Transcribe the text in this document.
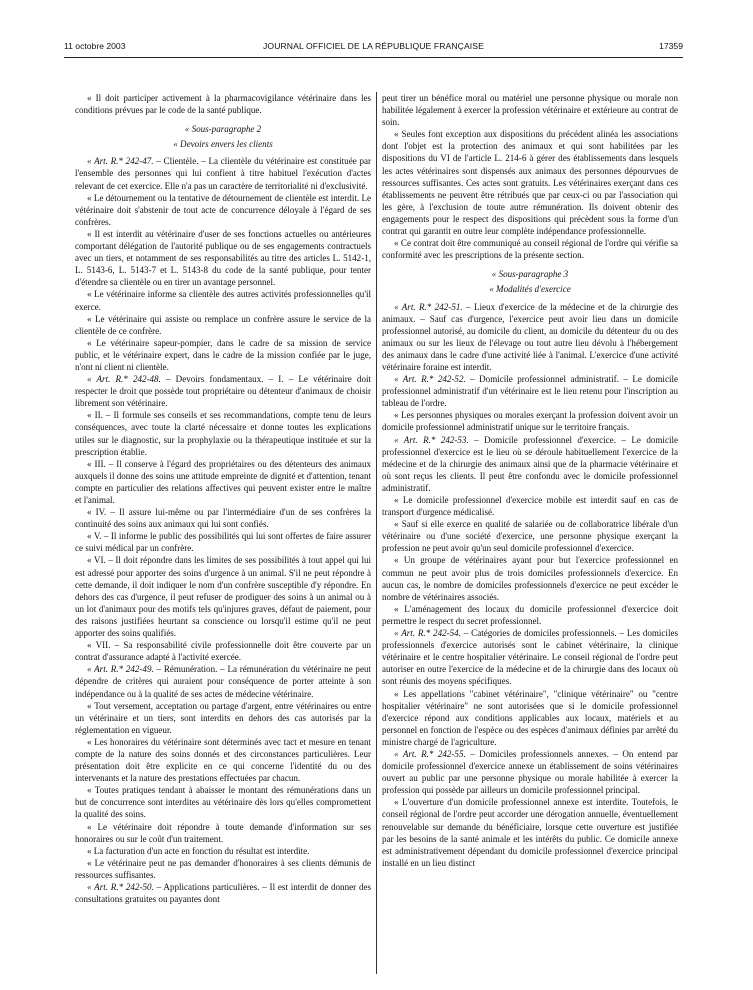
11 octobre 2003	JOURNAL OFFICIEL DE LA RÉPUBLIQUE FRANÇAISE	17359

« Il doit participer activement à la pharmacovigilance vétérinaire dans les conditions prévues par le code de la santé publique.

« Sous-paragraphe 2

« Devoirs envers les clients

« Art. R.* 242-47. – Clientèle. – La clientèle du vétérinaire est constituée par l'ensemble des personnes qui lui confient à titre habituel l'exécution d'actes relevant de cet exercice. Elle n'a pas un caractère de territorialité ni d'exclusivité.

« Le détournement ou la tentative de détournement de clientèle est interdit. Le vétérinaire doit s'abstenir de tout acte de concurrence déloyale à l'égard de ses confrères.

« Il est interdit au vétérinaire d'user de ses fonctions actuelles ou antérieures comportant délégation de l'autorité publique ou de ses engagements contractuels avec un tiers, et notamment de ses responsabilités au titre des articles L. 5142-1, L. 5143-6, L. 5143-7 et L. 5143-8 du code de la santé publique, pour tenter d'étendre sa clientèle ou en tirer un avantage personnel.

« Le vétérinaire informe sa clientèle des autres activités professionnelles qu'il exerce.

« Le vétérinaire qui assiste ou remplace un confrère assure le service de la clientèle de ce confrère.

« Le vétérinaire sapeur-pompier, dans le cadre de sa mission de service public, et le vétérinaire expert, dans le cadre de la mission confiée par le juge, n'ont ni client ni clientèle.

« Art. R.* 242-48. – Devoirs fondamentaux. – I. – Le vétérinaire doit respecter le droit que possède tout propriétaire ou détenteur d'animaux de choisir librement son vétérinaire.

« II. – Il formule ses conseils et ses recommandations, compte tenu de leurs conséquences, avec toute la clarté nécessaire et donne toutes les explications utiles sur le diagnostic, sur la prophylaxie ou la thérapeutique instituée et sur la prescription établie.

« III. – Il conserve à l'égard des propriétaires ou des détenteurs des animaux auxquels il donne des soins une attitude empreinte de dignité et d'attention, tenant compte en particulier des relations affectives qui peuvent exister entre le maître et l'animal.

« IV. – Il assure lui-même ou par l'intermédiaire d'un de ses confrères la continuité des soins aux animaux qui lui sont confiés.

« V. – Il informe le public des possibilités qui lui sont offertes de faire assurer ce suivi médical par un confrère.

« VI. – Il doit répondre dans les limites de ses possibilités à tout appel qui lui est adressé pour apporter des soins d'urgence à un animal. S'il ne peut répondre à cette demande, il doit indiquer le nom d'un confrère susceptible d'y répondre. En dehors des cas d'urgence, il peut refuser de prodiguer des soins à un animal ou à un lot d'animaux pour des motifs tels qu'injures graves, défaut de paiement, pour des raisons justifiées heurtant sa conscience ou lorsqu'il estime qu'il ne peut apporter des soins qualifiés.

« VII. – Sa responsabilité civile professionnelle doit être couverte par un contrat d'assurance adapté à l'activité exercée.

« Art. R.* 242-49. – Rémunération. – La rémunération du vétérinaire ne peut dépendre de critères qui auraient pour conséquence de porter atteinte à son indépendance ou à la qualité de ses actes de médecine vétérinaire.

« Tout versement, acceptation ou partage d'argent, entre vétérinaires ou entre un vétérinaire et un tiers, sont interdits en dehors des cas autorisés par la réglementation en vigueur.

« Les honoraires du vétérinaire sont déterminés avec tact et mesure en tenant compte de la nature des soins donnés et des circonstances particulières. Leur présentation doit être explicite en ce qui concerne l'identité du ou des intervenants et la nature des prestations effectuées par chacun.

« Toutes pratiques tendant à abaisser le montant des rémunérations dans un but de concurrence sont interdites au vétérinaire dès lors qu'elles compromettent la qualité des soins.

« Le vétérinaire doit répondre à toute demande d'information sur ses honoraires ou sur le coût d'un traitement.

« La facturation d'un acte en fonction du résultat est interdite.

« Le vétérinaire peut ne pas demander d'honoraires à ses clients démunis de ressources suffisantes.

« Art. R.* 242-50. – Applications particulières. – Il est interdit de donner des consultations gratuites ou payantes dont

peut tirer un bénéfice moral ou matériel une personne physique ou morale non habilitée légalement à exercer la profession vétérinaire et extérieure au contrat de soin.

« Seules font exception aux dispositions du précédent alinéa les associations dont l'objet est la protection des animaux et qui sont habilitées par les dispositions du VI de l'article L. 214-6 à gérer des établissements dans lesquels les actes vétérinaires sont dispensés aux animaux des personnes dépourvues de ressources suffisantes. Ces actes sont gratuits. Les vétérinaires exerçant dans ces établissements ne peuvent être rétribués que par ceux-ci ou par l'association qui les gère, à l'exclusion de toute autre rémunération. Ils doivent obtenir des engagements pour le respect des dispositions qui précèdent sous la forme d'un contrat qui garantit en outre leur complète indépendance professionnelle.

« Ce contrat doit être communiqué au conseil régional de l'ordre qui vérifie sa conformité avec les prescriptions de la présente section.

« Sous-paragraphe 3

« Modalités d'exercice

« Art. R.* 242-51. – Lieux d'exercice de la médecine et de la chirurgie des animaux. – Sauf cas d'urgence, l'exercice peut avoir lieu dans un domicile professionnel autorisé, au domicile du client, au domicile du détenteur du ou des animaux ou sur les lieux de l'élevage ou tout autre lieu dévolu à l'hébergement des animaux dans le cadre d'une activité liée à l'animal. L'exercice d'une activité vétérinaire foraine est interdit.

« Art. R.* 242-52. – Domicile professionnel administratif. – Le domicile professionnel administratif d'un vétérinaire est le lieu retenu pour l'inscription au tableau de l'ordre.

« Les personnes physiques ou morales exerçant la profession doivent avoir un domicile professionnel administratif unique sur le territoire français.

« Art. R.* 242-53. – Domicile professionnel d'exercice. – Le domicile professionnel d'exercice est le lieu où se déroule habituellement l'exercice de la médecine et de la chirurgie des animaux ainsi que de la pharmacie vétérinaire et où sont reçus les clients. Il peut être confondu avec le domicile professionnel administratif.

« Le domicile professionnel d'exercice mobile est interdit sauf en cas de transport d'urgence médicalisé.

« Sauf si elle exerce en qualité de salariée ou de collaboratrice libérale d'un vétérinaire ou d'une société d'exercice, une personne physique exerçant la profession ne peut avoir qu'un seul domicile professionnel d'exercice.

« Un groupe de vétérinaires ayant pour but l'exercice professionnel en commun ne peut avoir plus de trois domiciles professionnels d'exercice. En aucun cas, le nombre de domiciles professionnels d'exercice ne peut excéder le nombre de vétérinaires associés.

« L'aménagement des locaux du domicile professionnel d'exercice doit permettre le respect du secret professionnel.

« Art. R.* 242-54. – Catégories de domiciles professionnels. – Les domiciles professionnels d'exercice autorisés sont le cabinet vétérinaire, la clinique vétérinaire et le centre hospitalier vétérinaire. Le conseil régional de l'ordre peut autoriser en outre l'exercice de la médecine et de la chirurgie dans des locaux où sont réunis des moyens spécifiques.

« Les appellations "cabinet vétérinaire", "clinique vétérinaire" ou "centre hospitalier vétérinaire" ne sont autorisées que si le domicile professionnel d'exercice répond aux conditions applicables aux locaux, matériels et au personnel en fonction de l'espèce ou des espèces d'animaux définies par arrêté du ministre chargé de l'agriculture.

« Art. R.* 242-55. – Domiciles professionnels annexes. – On entend par domicile professionnel d'exercice annexe un établissement de soins vétérinaires ouvert au public par une personne physique ou morale habilitée à exercer la profession qui possède par ailleurs un domicile professionnel principal.

« L'ouverture d'un domicile professionnel annexe est interdite. Toutefois, le conseil régional de l'ordre peut accorder une dérogation annuelle, éventuellement renouvelable sur demande du bénéficiaire, lorsque cette ouverture est justifiée par les besoins de la santé animale et les intérêts du public. Ce domicile annexe est administrativement dépendant du domicile professionnel d'exercice principal installé en un lieu distinct
